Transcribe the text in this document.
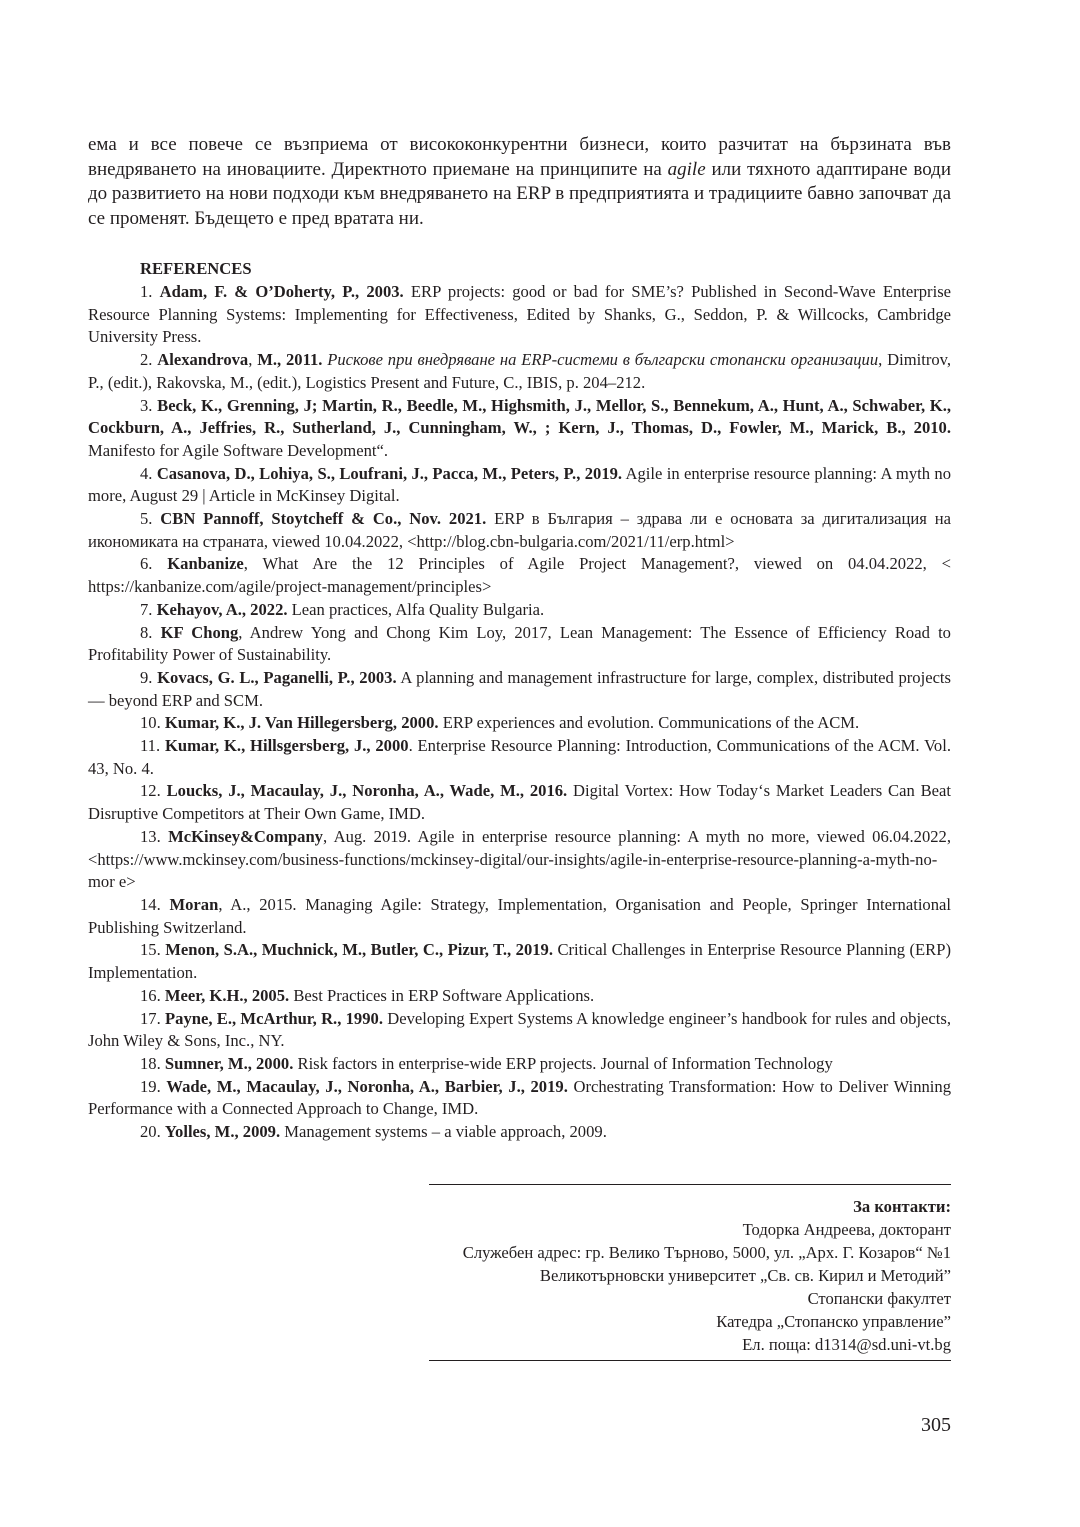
ема и все повече се възприема от висококонкурентни бизнеси, които разчитат на бързината във внедряването на иновациите. Директното приемане на принципите на agile или тяхното адаптиране води до развитието на нови подходи към внедряването на ERP в предприятията и традициите бавно започват да се променят. Бъдещето е пред вратата ни.

REFERENCES
1. Adam, F. & O’Doherty, P., 2003. ERP projects: good or bad for SME’s? Published in Second-Wave Enterprise Resource Planning Systems: Implementing for Effectiveness, Edited by Shanks, G., Seddon, P. & Willcocks, Cambridge University Press.
2. Alexandrova, M., 2011. Рискове при внедряване на ERP-системи в български стопански организации, Dimitrov, P., (edit.), Rakovska, M., (edit.), Logistics Present and Future, C., IBIS, p. 204–212.
3. Beck, K., Grenning, J; Martin, R., Beedle, M., Highsmith, J., Mellor, S., Bennekum, A., Hunt, A., Schwaber, K., Cockburn, A., Jeffries, R., Sutherland, J., Cunningham, W., ; Kern, J., Thomas, D., Fowler, M., Marick, B., 2010. Manifesto for Agile Software Development“.
4. Casanova, D., Lohiya, S., Loufrani, J., Pacca, M., Peters, P., 2019. Agile in enterprise resource planning: A myth no more, August 29 | Article in McKinsey Digital.
5. CBN Pannoff, Stoytcheff & Co., Nov. 2021. ERP в България – здрава ли е основата за дигитализация на икономиката на страната, viewed 10.04.2022, <http://blog.cbn-bulgaria.com/2021/11/erp.html>
6. Kanbanize, What Are the 12 Principles of Agile Project Management?, viewed on 04.04.2022, < https://kanbanize.com/agile/project-management/principles>
7. Kehayov, A., 2022. Lean practices, Alfa Quality Bulgaria.
8. KF Chong, Andrew Yong and Chong Kim Loy, 2017, Lean Management: The Essence of Efficiency Road to Profitability Power of Sustainability.
9. Kovacs, G. L., Paganelli, P., 2003. A planning and management infrastructure for large, complex, distributed projects — beyond ERP and SCM.
10. Kumar, K., J. Van Hillegersberg, 2000. ERP experiences and evolution. Communications of the ACM.
11. Kumar, K., Hillsgersberg, J., 2000. Enterprise Resource Planning: Introduction, Communications of the ACM. Vol. 43, No. 4.
12. Loucks, J., Macaulay, J., Noronha, A., Wade, M., 2016. Digital Vortex: How Today‘s Market Leaders Can Beat Disruptive Competitors at Their Own Game, IMD.
13. McKinsey&Company, Aug. 2019. Agile in enterprise resource planning: A myth no more, viewed 06.04.2022, <https://www.mckinsey.com/business-functions/mckinsey-digital/our-insights/agile-in-enterprise-resource-planning-a-myth-no-mor e>
14. Moran, A., 2015. Managing Agile: Strategy, Implementation, Organisation and People, Springer International Publishing Switzerland.
15. Menon, S.A., Muchnick, M., Butler, C., Pizur, T., 2019. Critical Challenges in Enterprise Resource Planning (ERP) Implementation.
16. Meer, K.H., 2005. Best Practices in ERP Software Applications.
17. Payne, E., McArthur, R., 1990. Developing Expert Systems A knowledge engineer’s handbook for rules and objects, John Wiley & Sons, Inc., NY.
18. Sumner, M., 2000. Risk factors in enterprise-wide ERP projects. Journal of Information Technology
19. Wade, M., Macaulay, J., Noronha, A., Barbier, J., 2019. Orchestrating Transformation: How to Deliver Winning Performance with a Connected Approach to Change, IMD.
20. Yolles, M., 2009. Management systems – a viable approach, 2009.
За контакти:
Тодорка Андреева, докторант
Служебен адрес: гр. Велико Търново, 5000, ул. „Арх. Г. Козаров“ №1
Великотърновски университет „Св. св. Кирил и Методий”
Стопански факултет
Катедра „Стопанско управление”
Ел. поща: d1314@sd.uni-vt.bg
305
